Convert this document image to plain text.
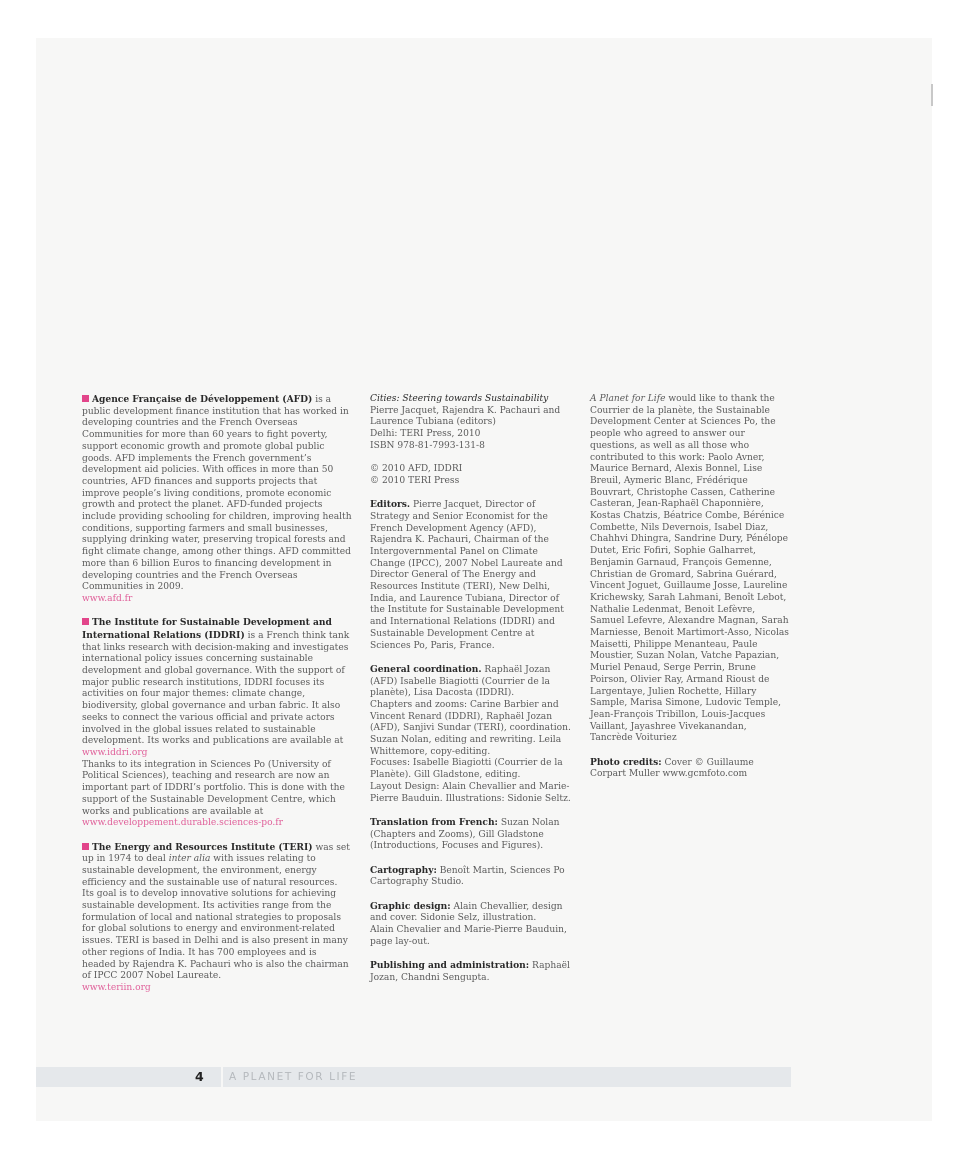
Agence Française de Développement (AFD) is a public development finance institution that has worked in developing countries and the French Overseas Communities for more than 60 years to fight poverty, support economic growth and promote global public goods. AFD implements the French government’s development aid policies. With offices in more than 50 countries, AFD finances and supports projects that improve people’s living conditions, promote economic growth and protect the planet. AFD-funded projects include providing schooling for children, improving health conditions, supporting farmers and small businesses, supplying drinking water, preserving tropical forests and fight climate change, among other things. AFD committed more than 6 billion Euros to financing development in developing countries and the French Overseas Communities in 2009.
www.afd.fr

The Institute for Sustainable Development and International Relations (IDDRI) is a French think tank that links research with decision-making and investigates international policy issues concerning sustainable development and global governance. With the support of major public research institutions, IDDRI focuses its activities on four major themes: climate change, biodiversity, global governance and urban fabric. It also seeks to connect the various official and private actors involved in the global issues related to sustainable development. Its works and publications are available at www.iddri.org
Thanks to its integration in Sciences Po (University of Political Sciences), teaching and research are now an important part of IDDRI’s portfolio. This is done with the support of the Sustainable Development Centre, which works and publications are available at
www.developpement.durable.sciences-po.fr

The Energy and Resources Institute (TERI) was set up in 1974 to deal inter alia with issues relating to sustainable development, the environment, energy efficiency and the sustainable use of natural resources. Its goal is to develop innovative solutions for achieving sustainable development. Its activities range from the formulation of local and national strategies to proposals for global solutions to energy and environment-related issues. TERI is based in Delhi and is also present in many other regions of India. It has 700 employees and is headed by Rajendra K. Pachauri who is also the chairman of IPCC 2007 Nobel Laureate.
www.teriin.org

Cities: Steering towards Sustainability
Pierre Jacquet, Rajendra K. Pachauri and
Laurence Tubiana (editors)
Delhi: TERI Press, 2010
ISBN 978-81-7993-131-8

© 2010 AFD, IDDRI
© 2010 TERI Press

Editors. Pierre Jacquet, Director of Strategy and Senior Economist for the French Development Agency (AFD), Rajendra K. Pachauri, Chairman of the Intergovernmental Panel on Climate Change (IPCC), 2007 Nobel Laureate and Director General of The Energy and Resources Institute (TERI), New Delhi, India, and Laurence Tubiana, Director of the Institute for Sustainable Development and International Relations (IDDRI) and Sustainable Development Centre at Sciences Po, Paris, France.

General coordination. Raphaël Jozan (AFD) Isabelle Biagiotti (Courrier de la planète), Lisa Dacosta (IDDRI).
Chapters and zooms: Carine Barbier and Vincent Renard (IDDRI), Raphaël Jozan (AFD), Sanjivi Sundar (TERI), coordination. Suzan Nolan, editing and rewriting. Leila Whittemore, copy-editing.
Focuses: Isabelle Biagiotti (Courrier de la Planète). Gill Gladstone, editing.
Layout Design: Alain Chevallier and Marie-Pierre Bauduin. Illustrations: Sidonie Seltz.

Translation from French: Suzan Nolan (Chapters and Zooms), Gill Gladstone (Introductions, Focuses and Figures).

Cartography: Benoît Martin, Sciences Po Cartography Studio.

Graphic design: Alain Chevallier, design and cover. Sidonie Selz, illustration.
Alain Chevalier and Marie-Pierre Bauduin, page lay-out.

Publishing and administration: Raphaël Jozan, Chandni Sengupta.

A Planet for Life would like to thank the Courrier de la planète, the Sustainable Development Center at Sciences Po, the people who agreed to answer our questions, as well as all those who contributed to this work: Paolo Avner, Maurice Bernard, Alexis Bonnel, Lise Breuil, Aymeric Blanc, Frédérique Bouvrart, Christophe Cassen, Catherine Casteran, Jean-Raphaël Chaponnière, Kostas Chatzis, Béatrice Combe, Bérénice Combette, Nils Devernois, Isabel Diaz, Chahhvi Dhingra, Sandrine Dury, Pénélope Dutet, Eric Fofiri, Sophie Galharret, Benjamin Garnaud, François Gemenne, Christian de Gromard, Sabrina Guérard, Vincent Joguet, Guillaume Josse, Laureline Krichewsky, Sarah Lahmani, Benoît Lebot, Nathalie Ledenmat, Benoit Lefèvre, Samuel Lefevre, Alexandre Magnan, Sarah Marniesse, Benoit Martimort-Asso, Nicolas Maisetti, Philippe Menanteau, Paule Moustier, Suzan Nolan, Vatche Papazian, Muriel Penaud, Serge Perrin, Brune Poirson, Olivier Ray, Armand Rioust de Largentaye, Julien Rochette, Hillary Sample, Marisa Simone, Ludovic Temple, Jean-François Tribillon, Louis-Jacques Vaillant, Jayashree Vivekanandan, Tancrède Voituriez

Photo credits: Cover © Guillaume Corpart Muller www.gcmfoto.com

4 A PLANET FOR LIFE
